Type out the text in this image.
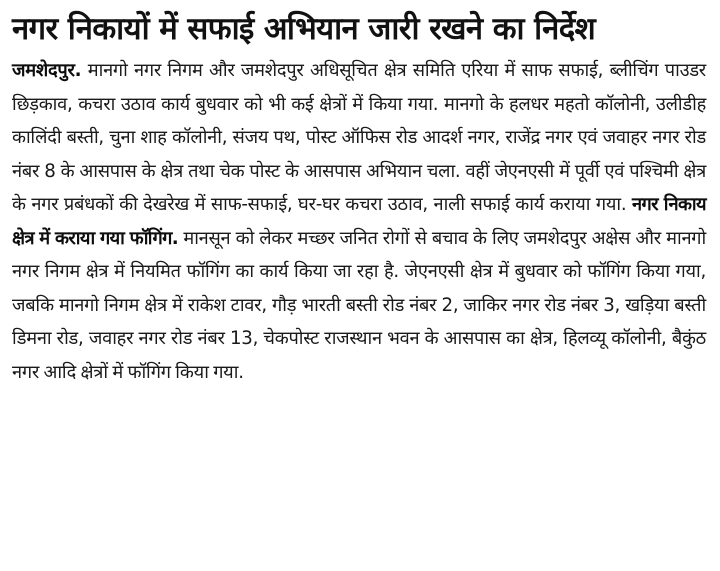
नगर निकायों में सफाई अभियान जारी रखने का निर्देश
जमशेदपुर. मानगो नगर निगम और जमशेदपुर अधिसूचित क्षेत्र समिति एरिया में साफ सफाई, ब्लीचिंग पाउडर छिड़काव, कचरा उठाव कार्य बुधवार को भी कई क्षेत्रों में किया गया. मानगो के हलधर महतो कॉलोनी, उलीडीह कालिंदी बस्ती, चुना शाह कॉलोनी, संजय पथ, पोस्ट ऑफिस रोड आदर्श नगर, राजेंद्र नगर एवं जवाहर नगर रोड नंबर 8 के आसपास के क्षेत्र तथा चेक पोस्ट के आसपास अभियान चला. वहीं जेएनएसी में पूर्वी एवं पश्चिमी क्षेत्र के नगर प्रबंधकों की देखरेख में साफ-सफाई, घर-घर कचरा उठाव, नाली सफाई कार्य कराया गया. नगर निकाय क्षेत्र में कराया गया फॉगिंग. मानसून को लेकर मच्छर जनित रोगों से बचाव के लिए जमशेदपुर अक्षेस और मानगो नगर निगम क्षेत्र में नियमित फॉगिंग का कार्य किया जा रहा है. जेएनएसी क्षेत्र में बुधवार को फॉगिंग किया गया, जबकि मानगो निगम क्षेत्र में राकेश टावर, गौड़ भारती बस्ती रोड नंबर 2, जाकिर नगर रोड नंबर 3, खड़िया बस्ती डिमना रोड, जवाहर नगर रोड नंबर 13, चेकपोस्ट राजस्थान भवन के आसपास का क्षेत्र, हिलव्यू कॉलोनी, बैकुंठ नगर आदि क्षेत्रों में फॉगिंग किया गया.
